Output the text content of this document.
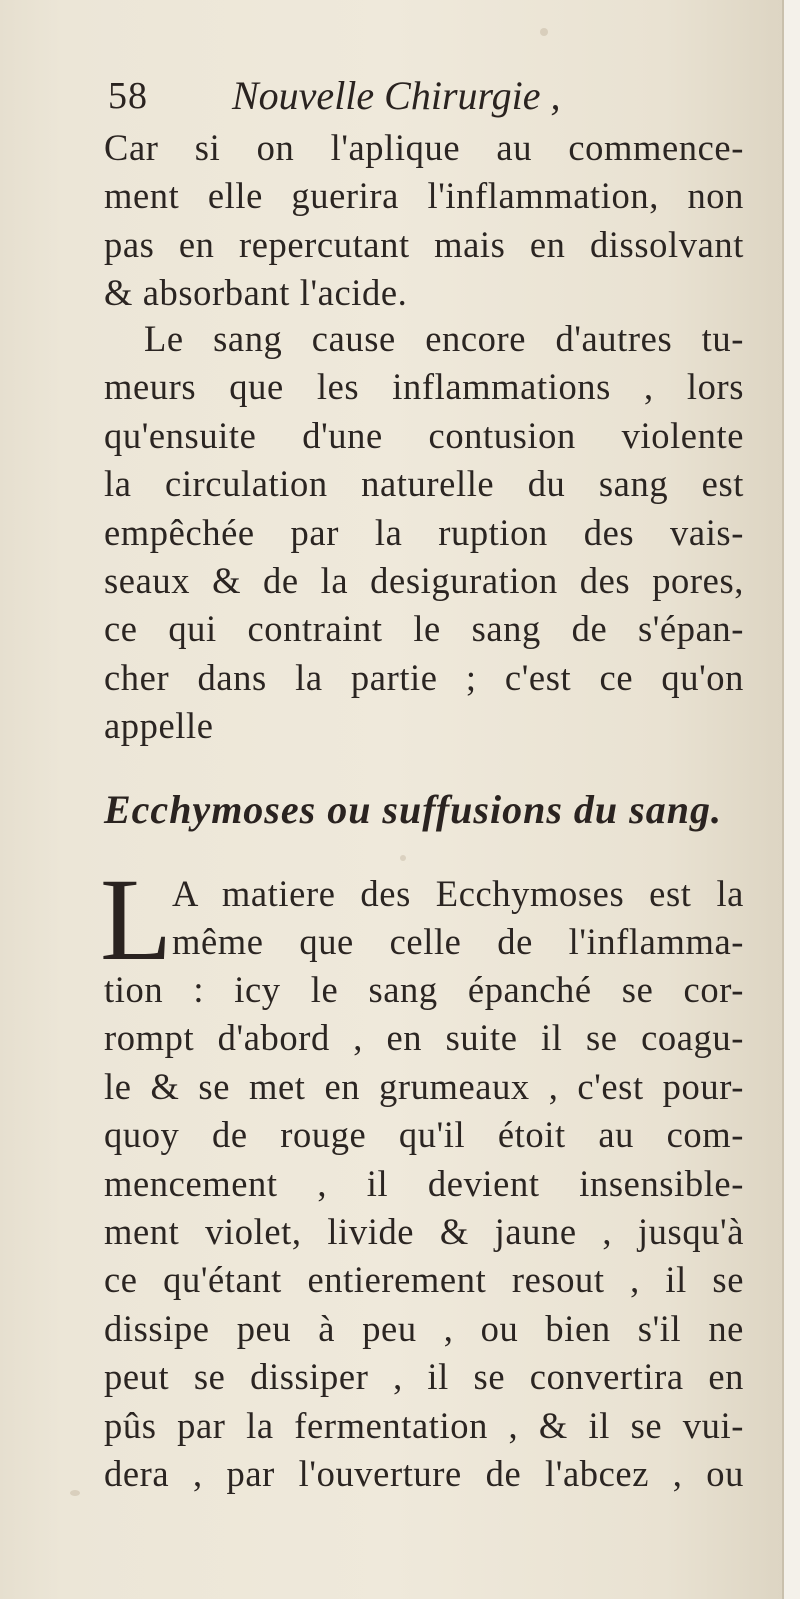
58 Nouvelle Chirurgie ,
Car si on l'aplique au commence-
ment elle guerira l'inflammation, non
pas en repercutant mais en dissolvant
& absorbant l'acide.
Le sang cause encore d'autres tu-
meurs que les inflammations , lors
qu'ensuite d'une contusion violente
la circulation naturelle du sang est
empêchée par la ruption des vais-
seaux & de la desiguration des pores,
ce qui contraint le sang de s'épan-
cher dans la partie ; c'est ce qu'on
appelle
Ecchymoses ou suffusions du sang.
L A matiere des Ecchymoses est la
même que celle de l'inflamma-
tion : icy le sang épanché se cor-
rompt d'abord , en suite il se coagu-
le & se met en grumeaux , c'est pour-
quoy de rouge qu'il étoit au com-
mencement , il devient insensible-
ment violet, livide & jaune , jusqu'à
ce qu'étant entierement resout , il se
dissipe peu à peu , ou bien s'il ne
peut se dissiper , il se convertira en
pûs par la fermentation , & il se vui-
dera , par l'ouverture de l'abcez , ou
